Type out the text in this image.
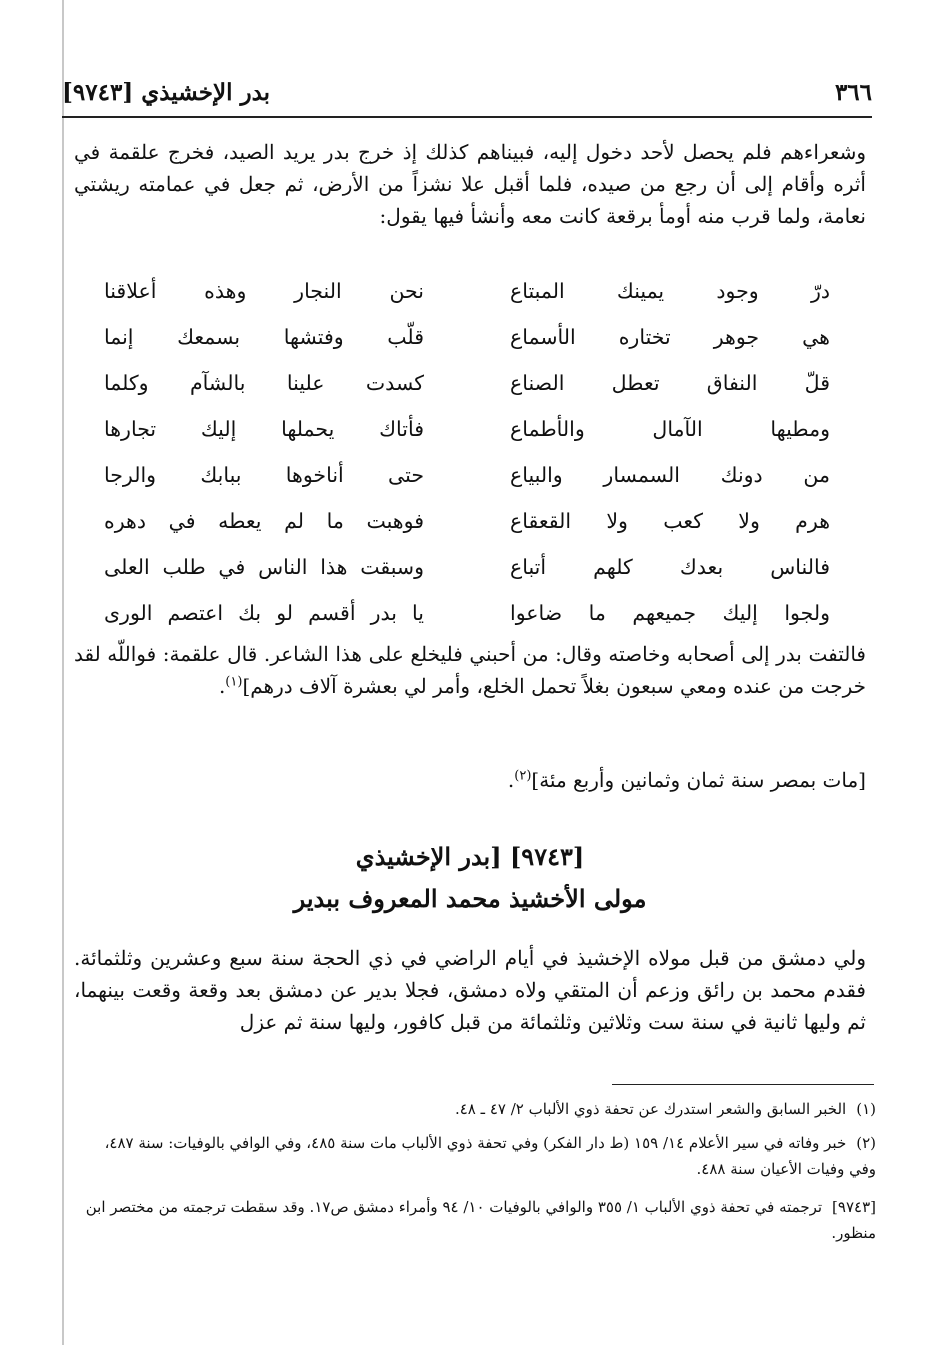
[٩٧٤٣] بدر الإخشيذي	٣٦٦
وشعراءهم فلم يحصل لأحد دخول إليه، فبيناهم كذلك إذ خرج بدر يريد الصيد، فخرج علقمة في أثره وأقام إلى أن رجع من صيده، فلما أقبل علا نشزاً من الأرض، ثم جعل في عمامته ريشتي نعامة، ولما قرب منه أومأ برقعة كانت معه وأنشأ فيها يقول:
نحن النجار وهذه أعلاقنا	درّ وجود يمينك المبتاع
قلّب وفتشها بسمعك إنما	هي جوهر تختاره الأسماع
كسدت علينا بالشآم وكلما	قلّ النفاق تعطل الصناع
فأتاك يحملها إليك تجارها	ومطيها الآمال والأطماع
حتى أناخوها ببابك والرجا	من دونك السمسار والبياع
فوهبت ما لم يعطه في دهره	هرم ولا كعب ولا القعقاع
وسبقت هذا الناس في طلب العلى	فالناس بعدك كلهم أتباع
يا بدر أقسم لو بك اعتصم الورى	ولجوا إليك جميعهم ما ضاعوا
فالتفت بدر إلى أصحابه وخاصته وقال: من أحبني فليخلع على هذا الشاعر. قال علقمة: فواللّه لقد خرجت من عنده ومعي سبعون بغلاً تحمل الخلع، وأمر لي بعشرة آلاف درهم]$^{(١)}$.
[مات بمصر سنة ثمان وثمانين وأربع مئة]$^{(٢)}$.
[٩٧٤٣] [بدر الإخشيذي
مولى الأخشيذ محمد المعروف ببدير
ولي دمشق من قبل مولاه الإخشيذ في أيام الراضي في ذي الحجة سنة سبع وعشرين وثلثمائة. فقدم محمد بن رائق وزعم أن المتقي ولاه دمشق، فجلا بدير عن دمشق بعد وقعة وقعت بينهما، ثم وليها ثانية في سنة ست وثلاثين وثلثمائة من قبل كافور، وليها سنة ثم عزل
(١)الخبر السابق والشعر استدرك عن تحفة ذوي الألباب ٢/ ٤٧ ـ ٤٨.
(٢)خبر وفاته في سير الأعلام ١٤/ ١٥٩ (ط دار الفكر) وفي تحفة ذوي الألباب مات سنة ٤٨٥، وفي الوافي بالوفيات: سنة ٤٨٧، وفي وفيات الأعيان سنة ٤٨٨.
[٩٧٤٣]ترجمته في تحفة ذوي الألباب ١/ ٣٥٥ والوافي بالوفيات ١٠/ ٩٤ وأمراء دمشق ص١٧. وقد سقطت ترجمته من مختصر ابن منظور.
